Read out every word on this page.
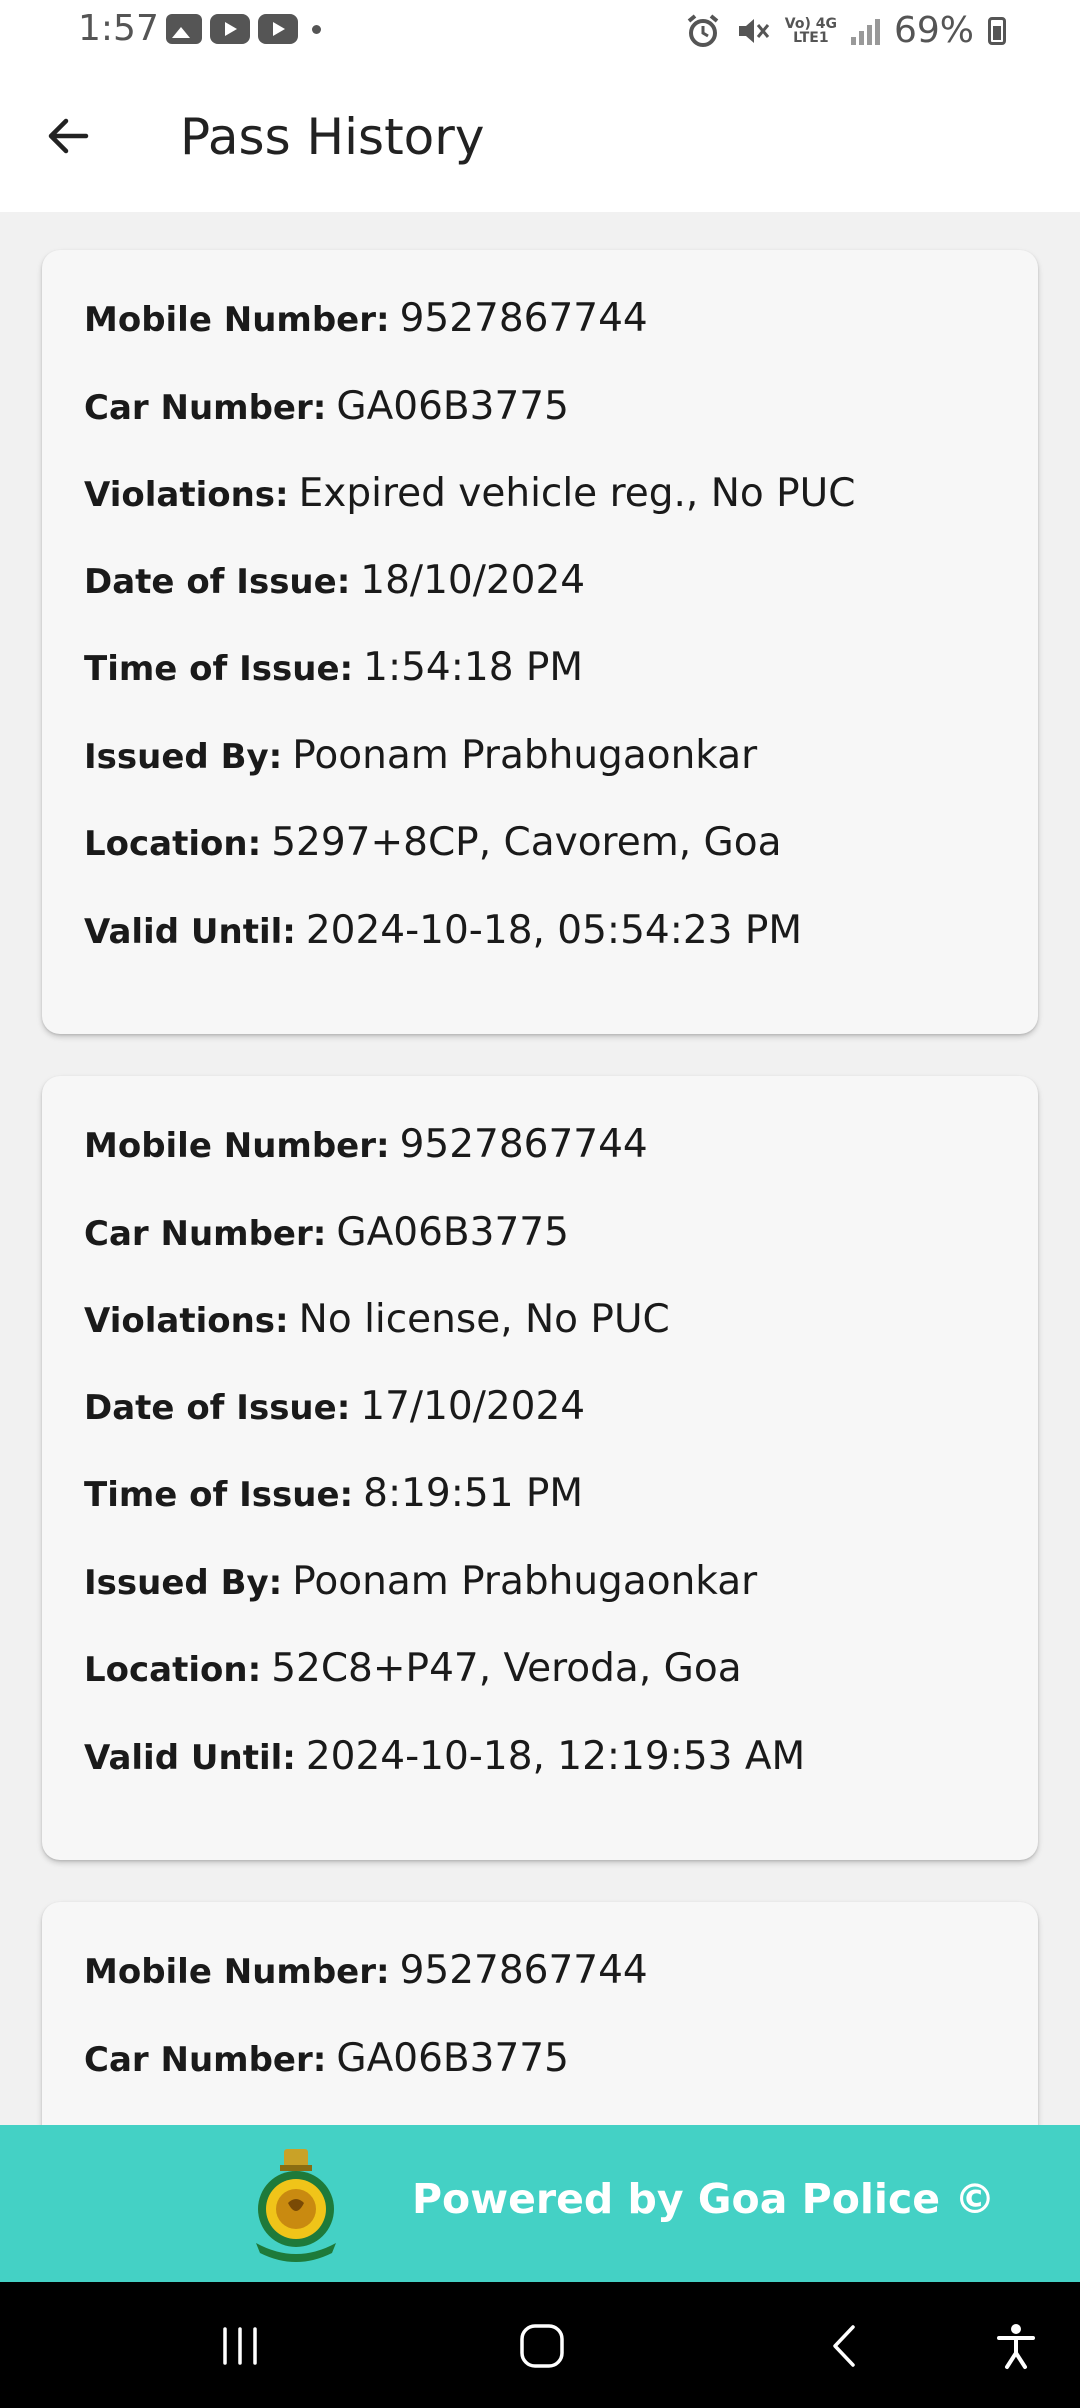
1:57	Vo) 4G
LTE1 69%
Pass History
Mobile Number: 9527867744
Car Number: GA06B3775
Violations: Expired vehicle reg., No PUC
Date of Issue: 18/10/2024
Time of Issue: 1:54:18 PM
Issued By: Poonam Prabhugaonkar
Location: 5297+8CP, Cavorem, Goa
Valid Until: 2024-10-18, 05:54:23 PM
Mobile Number: 9527867744
Car Number: GA06B3775
Violations: No license, No PUC
Date of Issue: 17/10/2024
Time of Issue: 8:19:51 PM
Issued By: Poonam Prabhugaonkar
Location: 52C8+P47, Veroda, Goa
Valid Until: 2024-10-18, 12:19:53 AM
Mobile Number: 9527867744
Car Number: GA06B3775
Powered by Goa Police ©
